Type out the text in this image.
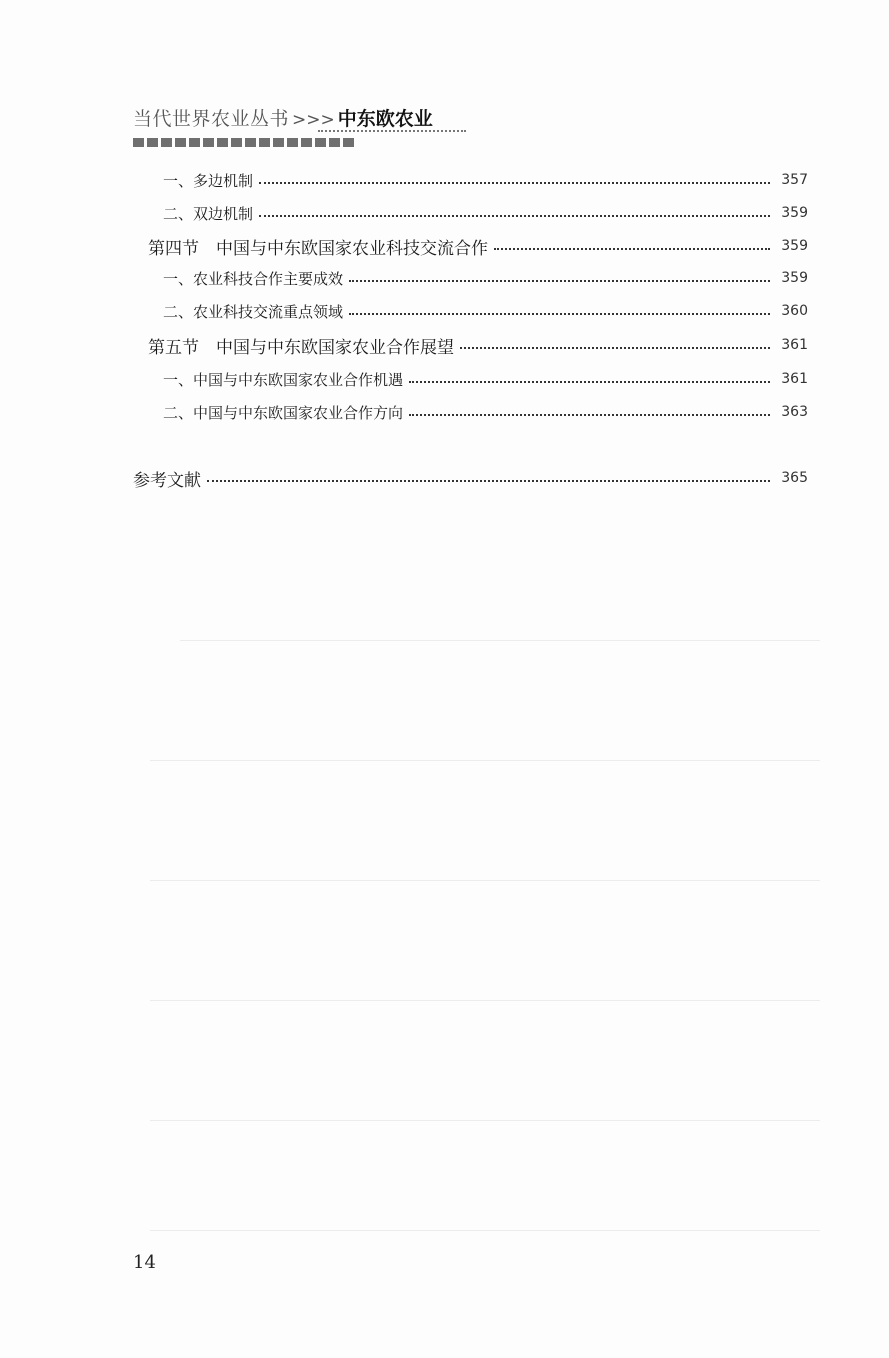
当代世界农业丛书 >>> 中东欧农业
一、多边机制	357
二、双边机制	359
第四节　中国与中东欧国家农业科技交流合作	359
一、农业科技合作主要成效	359
二、农业科技交流重点领域	360
第五节　中国与中东欧国家农业合作展望	361
一、中国与中东欧国家农业合作机遇	361
二、中国与中东欧国家农业合作方向	363
参考文献	365
14
